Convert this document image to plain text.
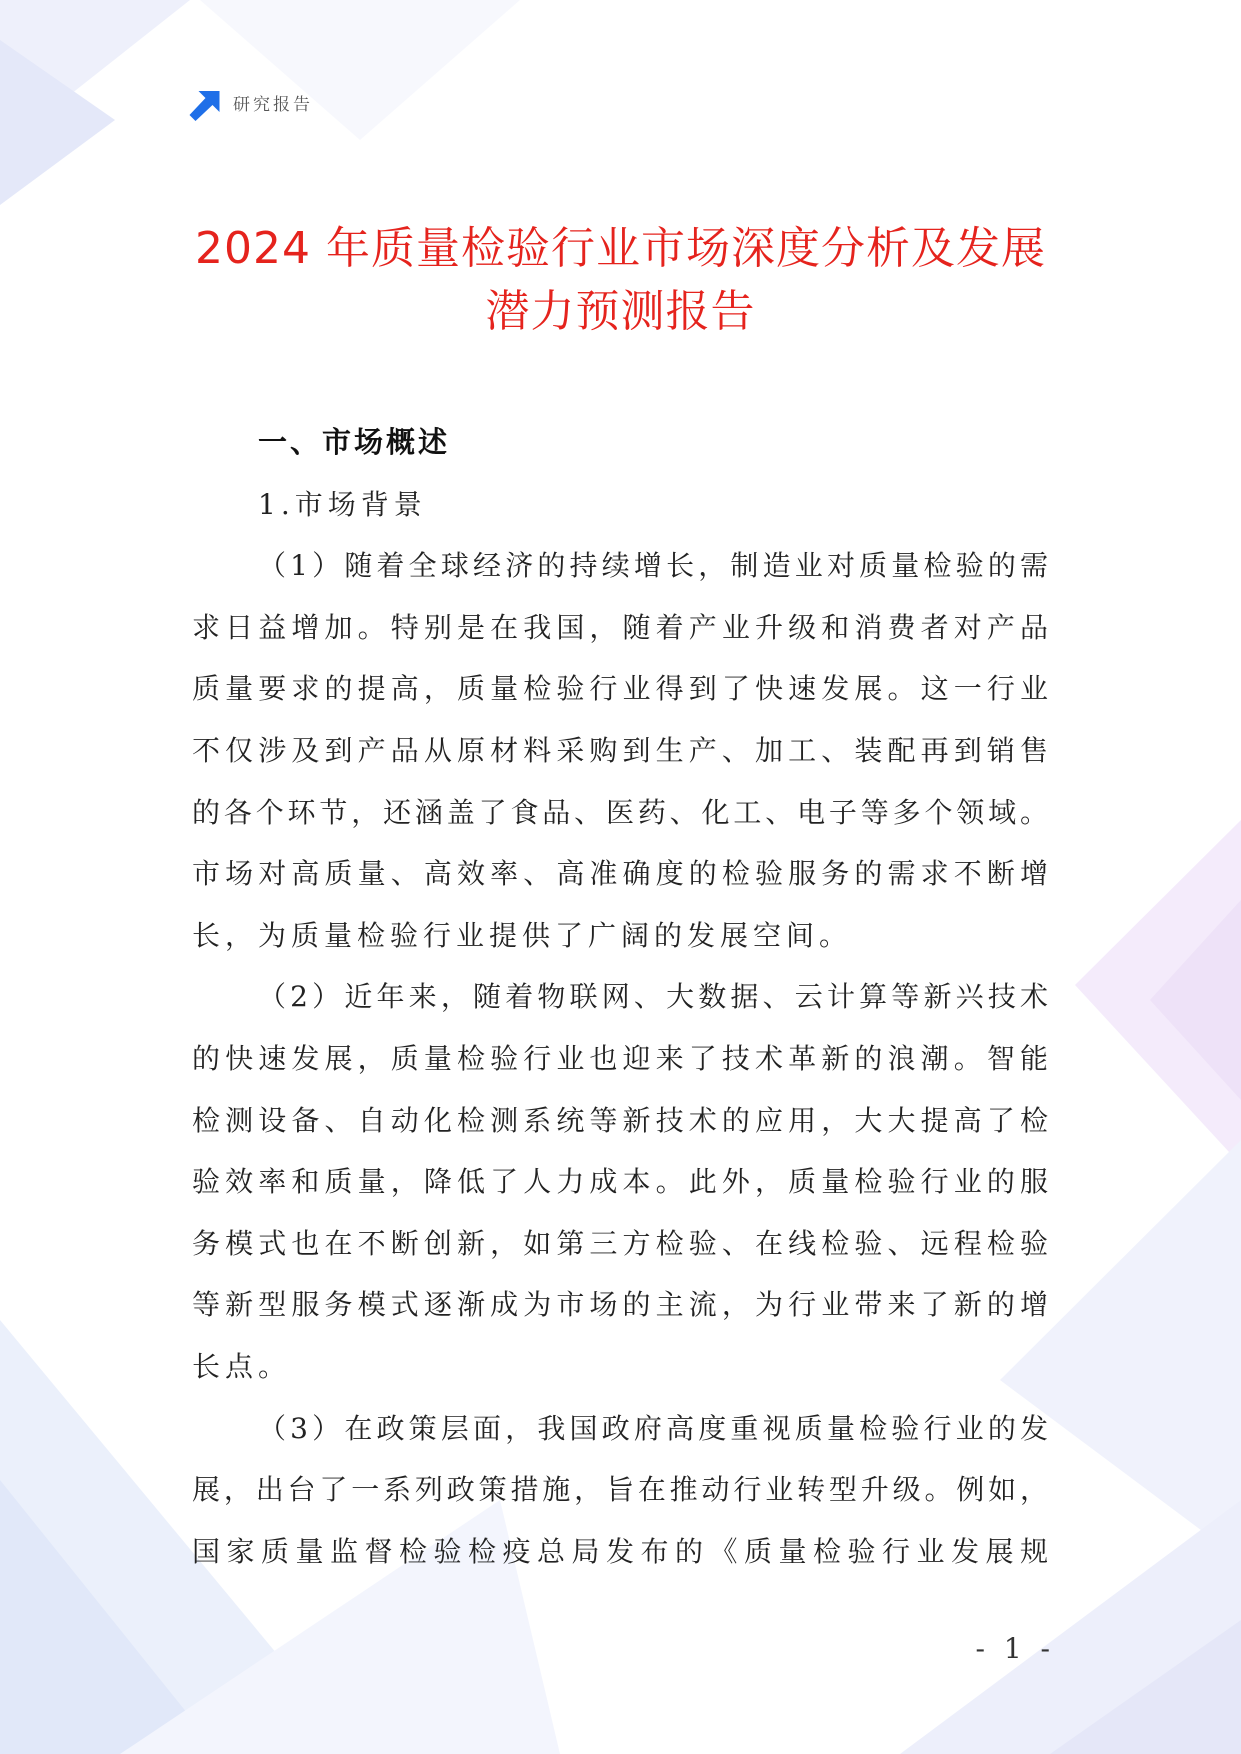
研究报告
2024 年质量检验行业市场深度分析及发展
潜力预测报告
一、市场概述
1.市场背景
（1）随着全球经济的持续增长，制造业对质量检验的需
求日益增加。特别是在我国，随着产业升级和消费者对产品
质量要求的提高，质量检验行业得到了快速发展。这一行业
不仅涉及到产品从原材料采购到生产、加工、装配再到销售
的各个环节，还涵盖了食品、医药、化工、电子等多个领域。
市场对高质量、高效率、高准确度的检验服务的需求不断增
长，为质量检验行业提供了广阔的发展空间。
（2）近年来，随着物联网、大数据、云计算等新兴技术
的快速发展，质量检验行业也迎来了技术革新的浪潮。智能
检测设备、自动化检测系统等新技术的应用，大大提高了检
验效率和质量，降低了人力成本。此外，质量检验行业的服
务模式也在不断创新，如第三方检验、在线检验、远程检验
等新型服务模式逐渐成为市场的主流，为行业带来了新的增
长点。
（3）在政策层面，我国政府高度重视质量检验行业的发
展，出台了一系列政策措施，旨在推动行业转型升级。例如，
国家质量监督检验检疫总局发布的《质量检验行业发展规
- 1 -
